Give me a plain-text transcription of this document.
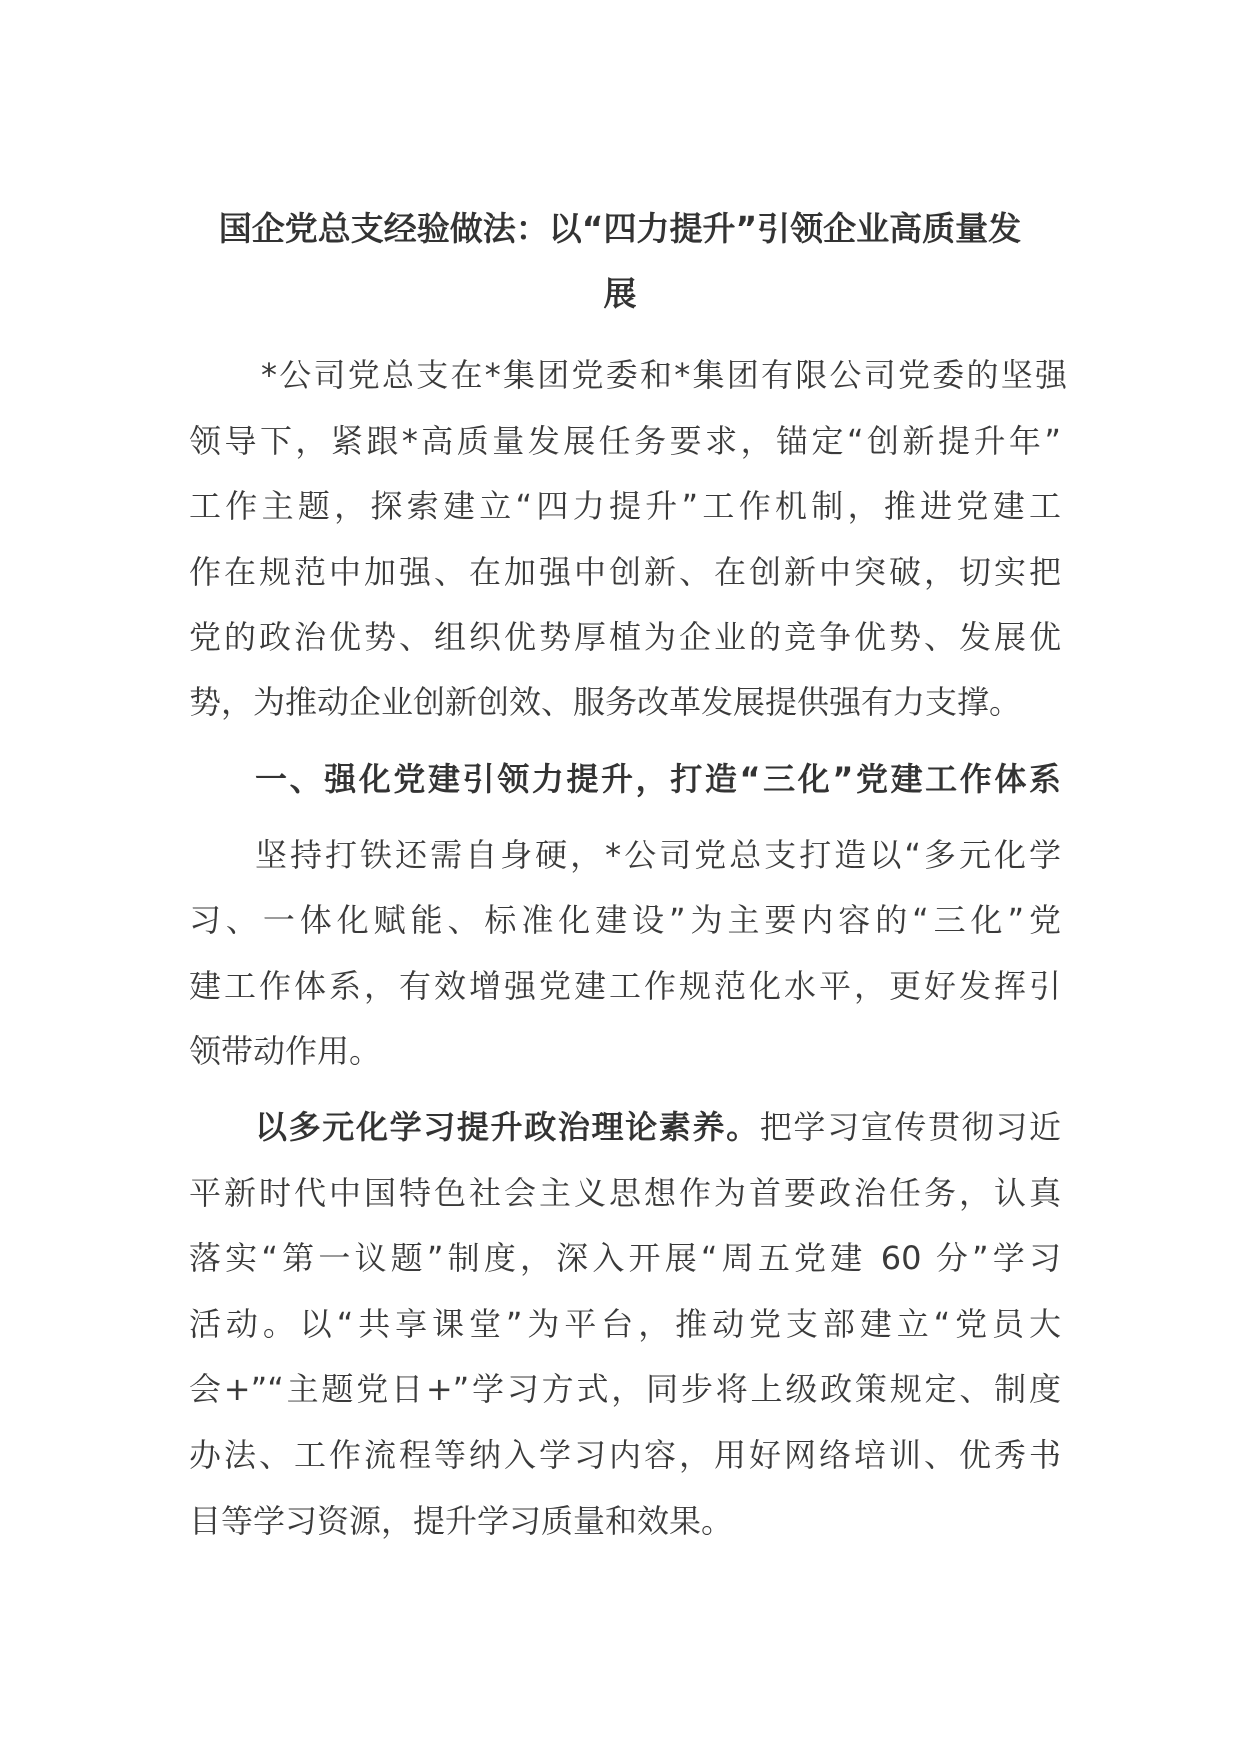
国企党总支经验做法：以“四力提升”引领企业高质量发
展
*公司党总支在*集团党委和*集团有限公司党委的坚强
领导下，紧跟*高质量发展任务要求，锚定“创新提升年”
工作主题，探索建立“四力提升”工作机制，推进党建工
作在规范中加强、在加强中创新、在创新中突破，切实把
党的政治优势、组织优势厚植为企业的竞争优势、发展优
势，为推动企业创新创效、服务改革发展提供强有力支撑。
一、强化党建引领力提升，打造“三化”党建工作体系
坚持打铁还需自身硬，*公司党总支打造以“多元化学
习、一体化赋能、标准化建设”为主要内容的“三化”党
建工作体系，有效增强党建工作规范化水平，更好发挥引
领带动作用。
以多元化学习提升政治理论素养。把学习宣传贯彻习近
平新时代中国特色社会主义思想作为首要政治任务，认真
落实“第一议题”制度，深入开展“周五党建 60 分”学习
活动。以“共享课堂”为平台，推动党支部建立“党员大
会+”“主题党日+”学习方式，同步将上级政策规定、制度
办法、工作流程等纳入学习内容，用好网络培训、优秀书
目等学习资源，提升学习质量和效果。
